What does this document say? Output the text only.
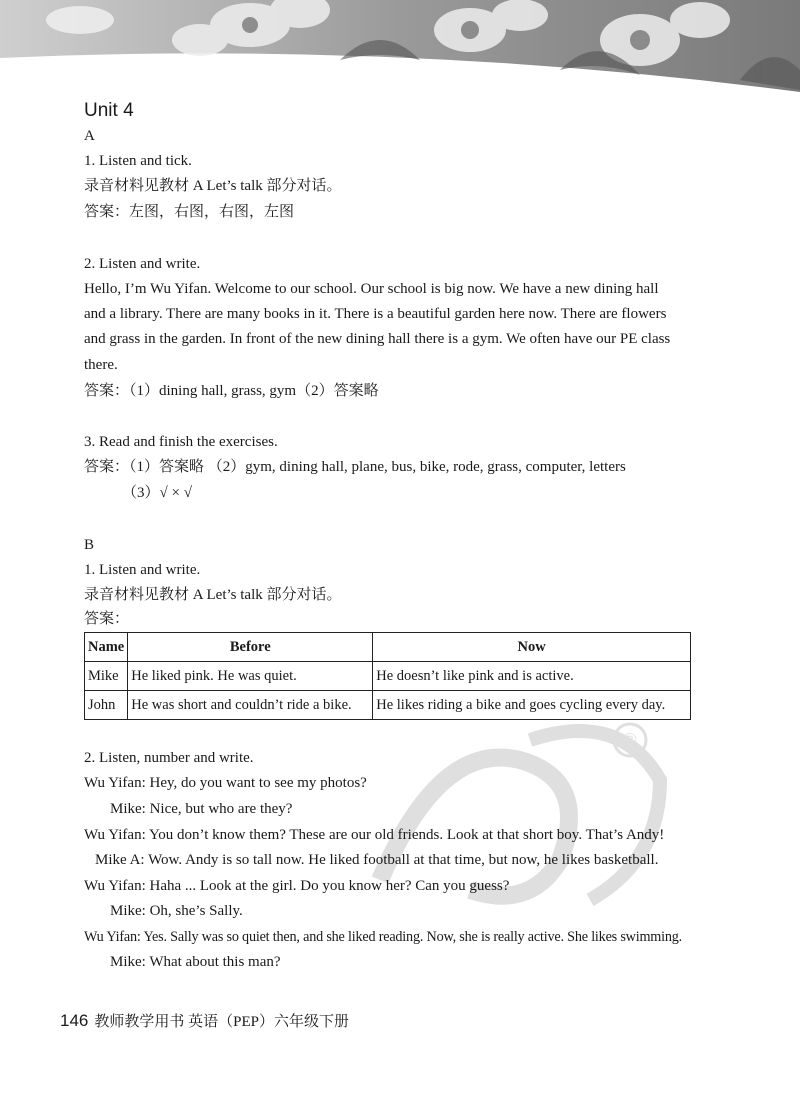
®
Unit 4
A
1. Listen and tick.
录音材料见教材 A Let’s talk 部分对话。
答案：左图，右图，右图，左图
2. Listen and write.
Hello, I’m Wu Yifan. Welcome to our school. Our school is big now. We have a new dining hall
and a library. There are many books in it. There is a beautiful garden here now. There are flowers
and grass in the garden. In front of the new dining hall there is a gym. We often have our PE class
there.
答案：（1）dining hall, grass, gym（2）答案略
3. Read and finish the exercises.
答案：（1）答案略 （2）gym, dining hall, plane, bus, bike, rode, grass, computer, letters
（3）√ × √
B
1. Listen and write.
录音材料见教材 A Let’s talk 部分对话。
答案：
Name	Before	Now
Mike	He liked pink. He was quiet.	He doesn’t like pink and is active.
John	He was short and couldn’t ride a bike.	He likes riding a bike and goes cycling every day.
2. Listen, number and write.
Wu Yifan: Hey, do you want to see my photos?
Mike: Nice, but who are they?
Wu Yifan: You don’t know them? These are our old friends. Look at that short boy. That’s Andy!
Mike A: Wow. Andy is so tall now. He liked football at that time, but now, he likes basketball.
Wu Yifan: Haha ... Look at the girl. Do you know her? Can you guess?
Mike: Oh, she’s Sally.
Wu Yifan: Yes. Sally was so quiet then, and she liked reading. Now, she is really active. She likes swimming.
Mike: What about this man?
146 教师教学用书 英语（PEP）六年级下册
